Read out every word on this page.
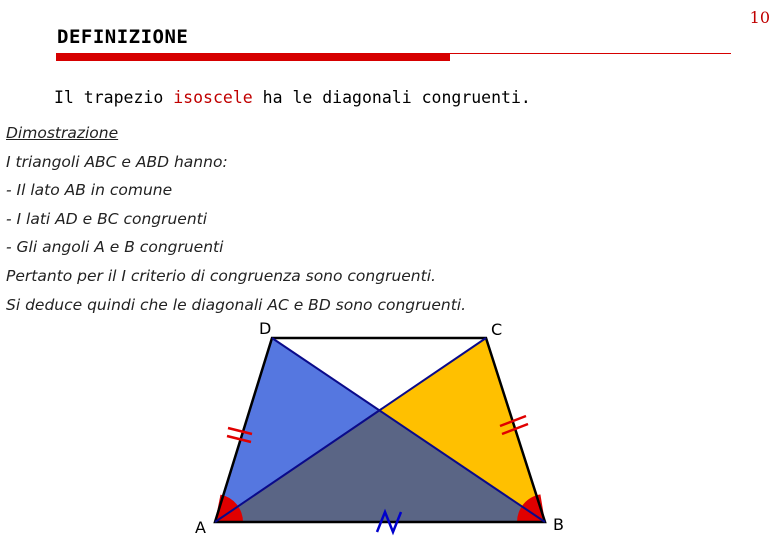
10
DEFINIZIONE
Il trapezio isoscele ha le diagonali congruenti.
Dimostrazione
I triangoli ABC e ABD hanno:
- Il lato AB in comune
- I lati AD e BC congruenti
- Gli angoli A e B congruenti
Pertanto per il I criterio di congruenza sono congruenti.
Si deduce quindi che le diagonali AC e BD sono congruenti.
A	B
C
D
